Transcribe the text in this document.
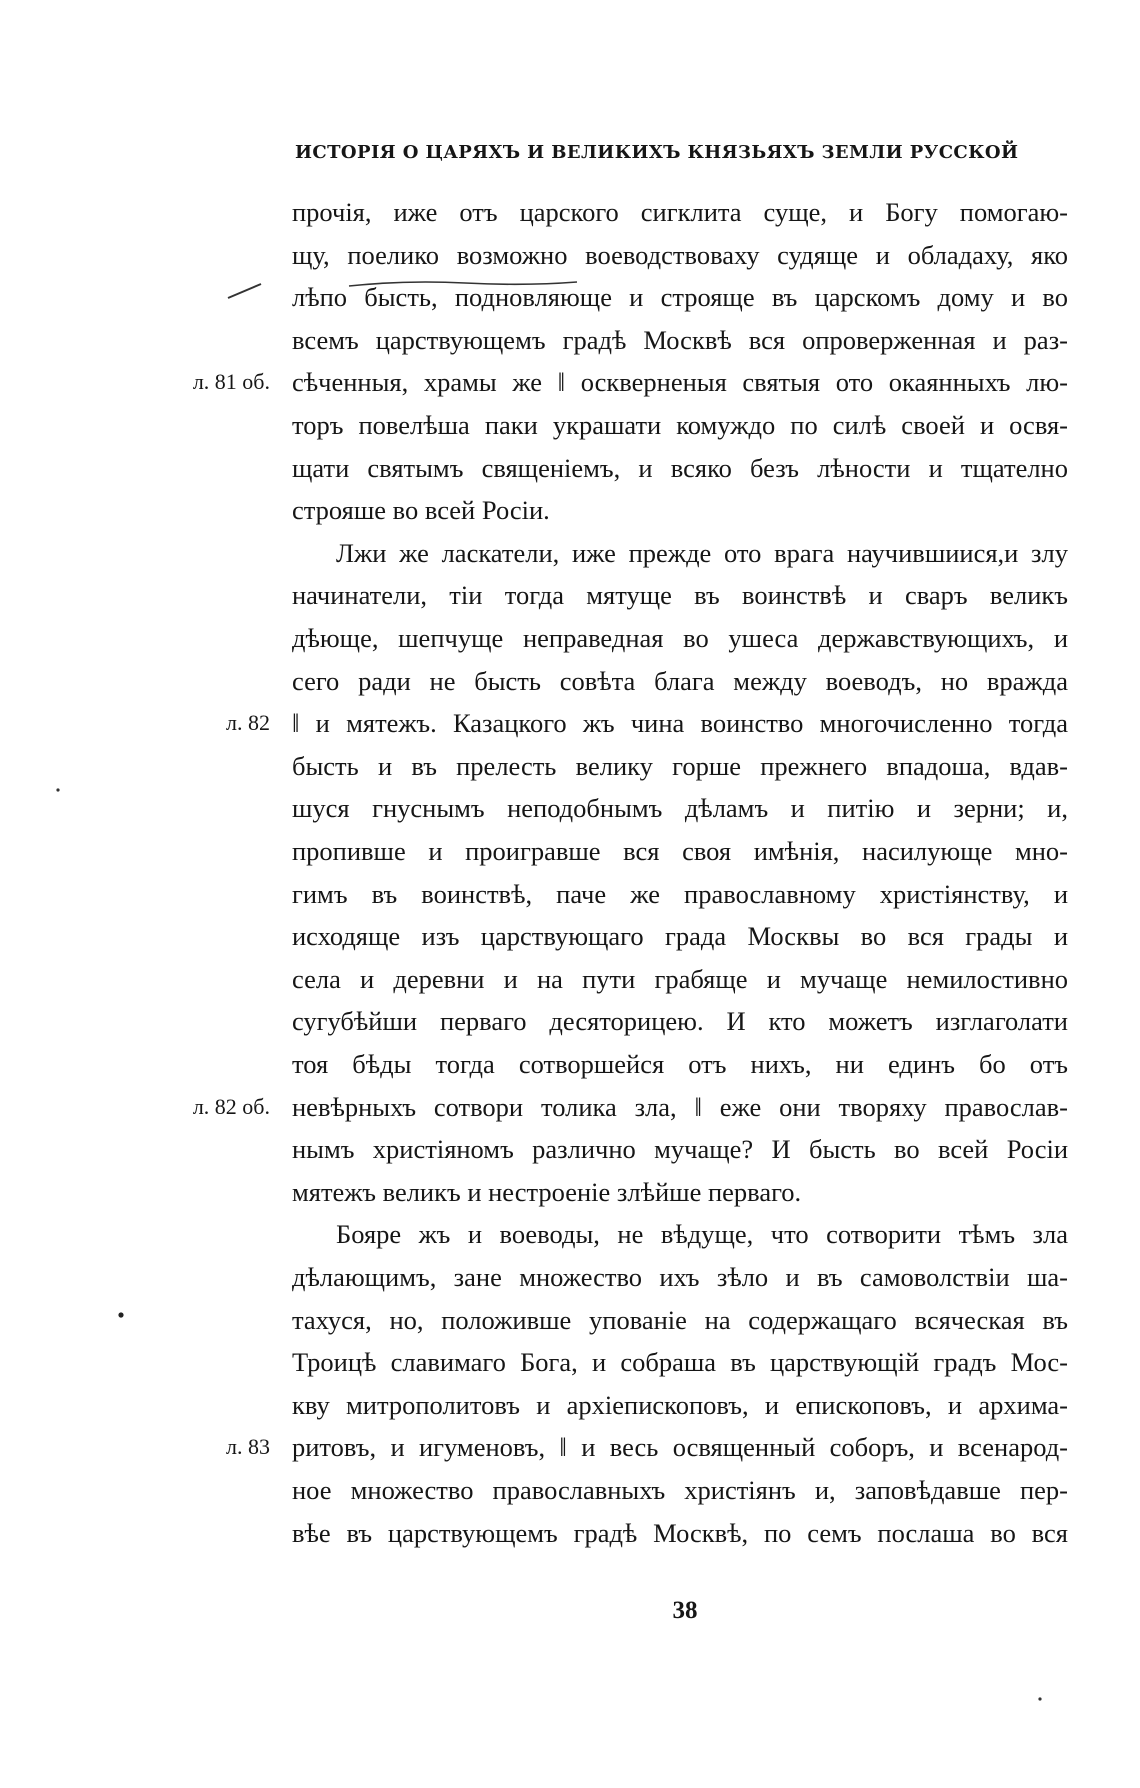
ИСТОРІЯ О ЦАРЯХЪ И ВЕЛИКИХЪ КНЯЗЬЯХЪ ЗЕМЛИ РУССКОЙ
прочія, иже отъ царского сигклита суще, и Богу помогаю-
щу, поелико возможно воеводствоваху судяще и обладаху, яко
лѣпо бысть, подновляюще и строяще въ царскомъ дому и во
всемъ царствующемъ градѣ Москвѣ вся опроверженная и раз-
сѣченныя, храмы же ‖ оскверненыя святыя ото окаянныхъ лю-
торъ повелѣша паки украшати комуждо по силѣ своей и освя-
щати святымъ священіемъ, и всяко безъ лѣности и тщателно
строяше во всей Росіи.
Лжи же ласкатели, иже прежде ото врага научившиися,и злу
начинатели, тіи тогда мятуще въ воинствѣ и сваръ великъ
дѣюще, шепчуще неправедная во ушеса державствующихъ, и
сего ради не бысть совѣта блага между воеводъ, но вражда
‖ и мятежъ. Казацкого жъ чина воинство многочисленно тогда
бысть и въ прелесть велику горше прежнего впадоша, вдав-
шуся гнуснымъ неподобнымъ дѣламъ и питію и зерни; и,
пропивше и проигравше вся своя имѣнія, насилующе мно-
гимъ въ воинствѣ, паче же православному христіянству, и
исходяще изъ царствующаго града Москвы во вся грады и
села и деревни и на пути грабяще и мучаще немилостивно
сугубѣйши перваго десяторицею. И кто можетъ изглаголати
тоя бѣды тогда сотворшейся отъ нихъ, ни единъ бо отъ
невѣрныхъ сотвори толика зла, ‖ еже они творяху православ-
нымъ христіяномъ различно мучаще? И бысть во всей Росіи
мятежъ великъ и нестроеніе злѣйше перваго.
Бояре жъ и воеводы, не вѣдуще, что сотворити тѣмъ зла
дѣлающимъ, зане множество ихъ зѣло и въ самоволствіи ша-
тахуся, но, положивше упованіе на содержащаго всяческая въ
Троицѣ славимаго Бога, и собраша въ царствующій градъ Мос-
кву митрополитовъ и архіепископовъ, и епископовъ, и архима-
ритовъ, и игуменовъ, ‖ и весь освященный соборъ, и всенарод-
ное множество православныхъ христіянъ и, заповѣдавше пер-
вѣе въ царствующемъ градѣ Москвѣ, по семъ послаша во вся
л. 81 об.
л. 82
л. 82 об.
л. 83
38
